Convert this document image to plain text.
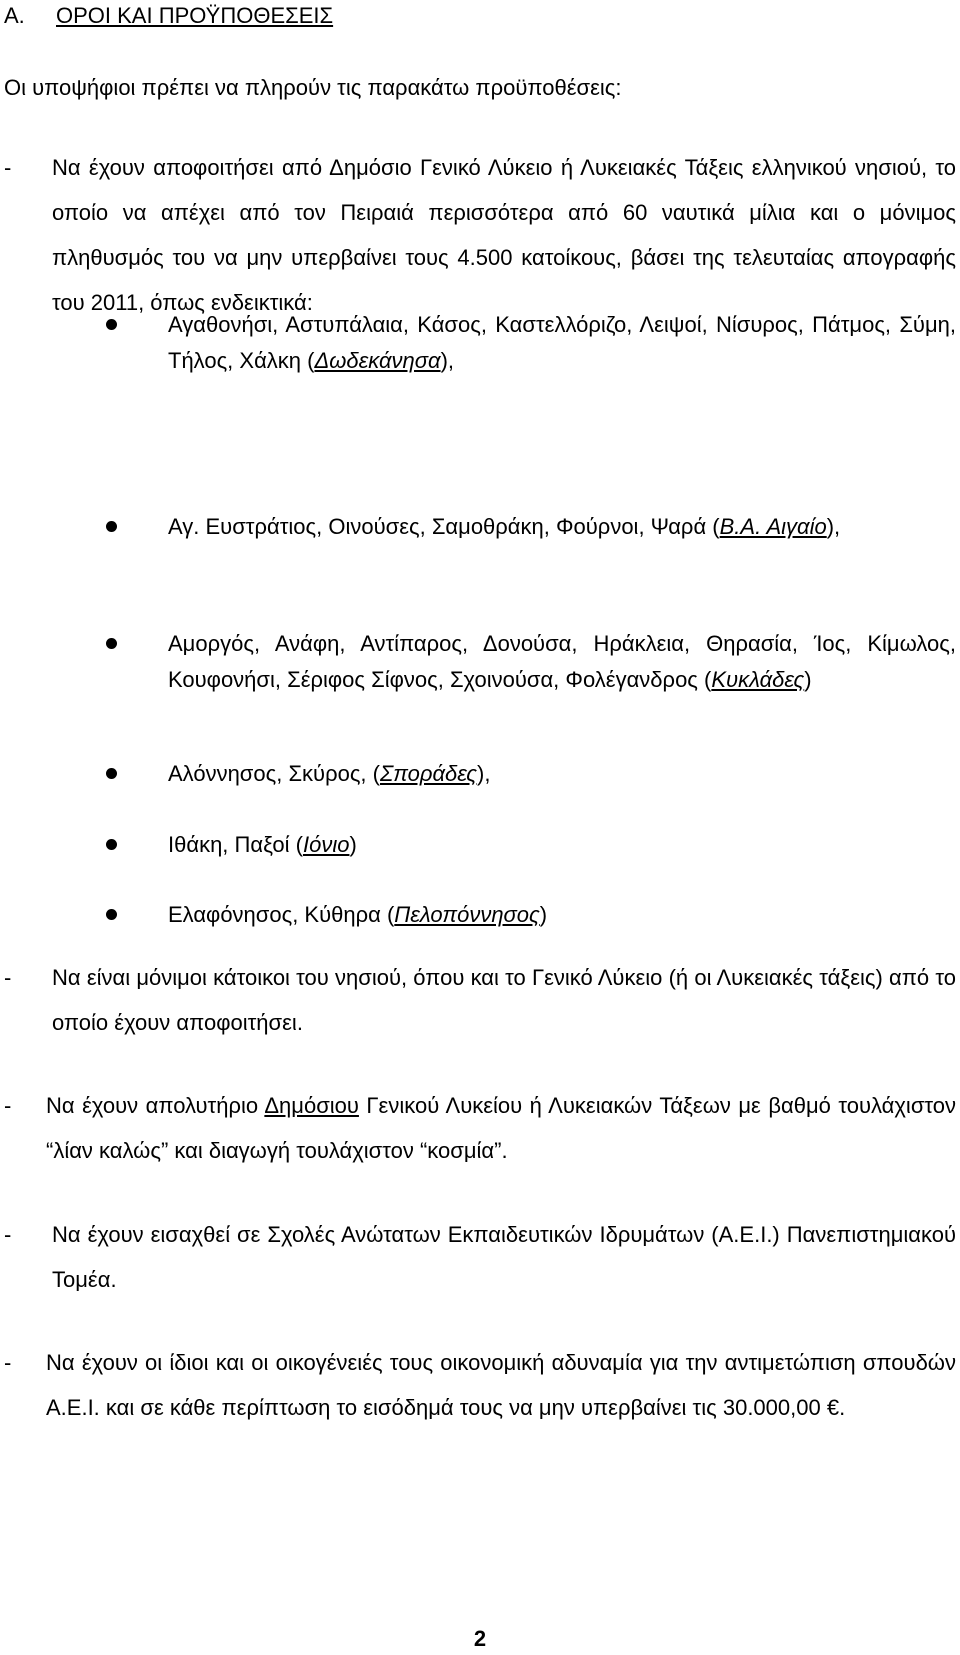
Α. ΟΡΟΙ ΚΑΙ ΠΡΟΫΠΟΘΕΣΕΙΣ
Οι υποψήφιοι πρέπει να πληρούν τις παρακάτω προϋποθέσεις:
- Να έχουν αποφοιτήσει από Δημόσιο Γενικό Λύκειο ή Λυκειακές Τάξεις ελληνικού νησιού, το οποίο να απέχει από τον Πειραιά περισσότερα από 60 ναυτικά μίλια και ο μόνιμος πληθυσμός του να μην υπερβαίνει τους 4.500 κατοίκους, βάσει της τελευταίας απογραφής του 2011, όπως ενδεικτικά:
Αγαθονήσι, Αστυπάλαια, Κάσος, Καστελλόριζο, Λειψοί, Νίσυρος, Πάτμος, Σύμη, Τήλος, Χάλκη (Δωδεκάνησα),
Αγ. Ευστράτιος, Οινούσες, Σαμοθράκη, Φούρνοι, Ψαρά (Β.Α. Αιγαίο),
Αμοργός, Ανάφη, Αντίπαρος, Δονούσα, Ηράκλεια, Θηρασία, Ίος, Κίμωλος, Κουφονήσι, Σέριφος Σίφνος, Σχοινούσα, Φολέγανδρος (Κυκλάδες)
Αλόννησος, Σκύρος, (Σποράδες),
Ιθάκη, Παξοί (Ιόνιο)
Ελαφόνησος, Κύθηρα (Πελοπόννησος)
- Να είναι μόνιμοι κάτοικοι του νησιού, όπου και το Γενικό Λύκειο (ή οι Λυκειακές τάξεις) από το οποίο έχουν αποφοιτήσει.
- Να έχουν απολυτήριο Δημόσιου Γενικού Λυκείου ή Λυκειακών Τάξεων με βαθμό τουλάχιστον “λίαν καλώς” και διαγωγή τουλάχιστον “κοσμία”.
- Να έχουν εισαχθεί σε Σχολές Ανώτατων Εκπαιδευτικών Ιδρυμάτων (Α.Ε.Ι.) Πανεπιστημιακού Τομέα.
- Να έχουν οι ίδιοι και οι οικογένειές τους οικονομική αδυναμία για την αντιμετώπιση σπουδών Α.Ε.Ι. και σε κάθε περίπτωση το εισόδημά τους να μην υπερβαίνει τις 30.000,00 €.
2
